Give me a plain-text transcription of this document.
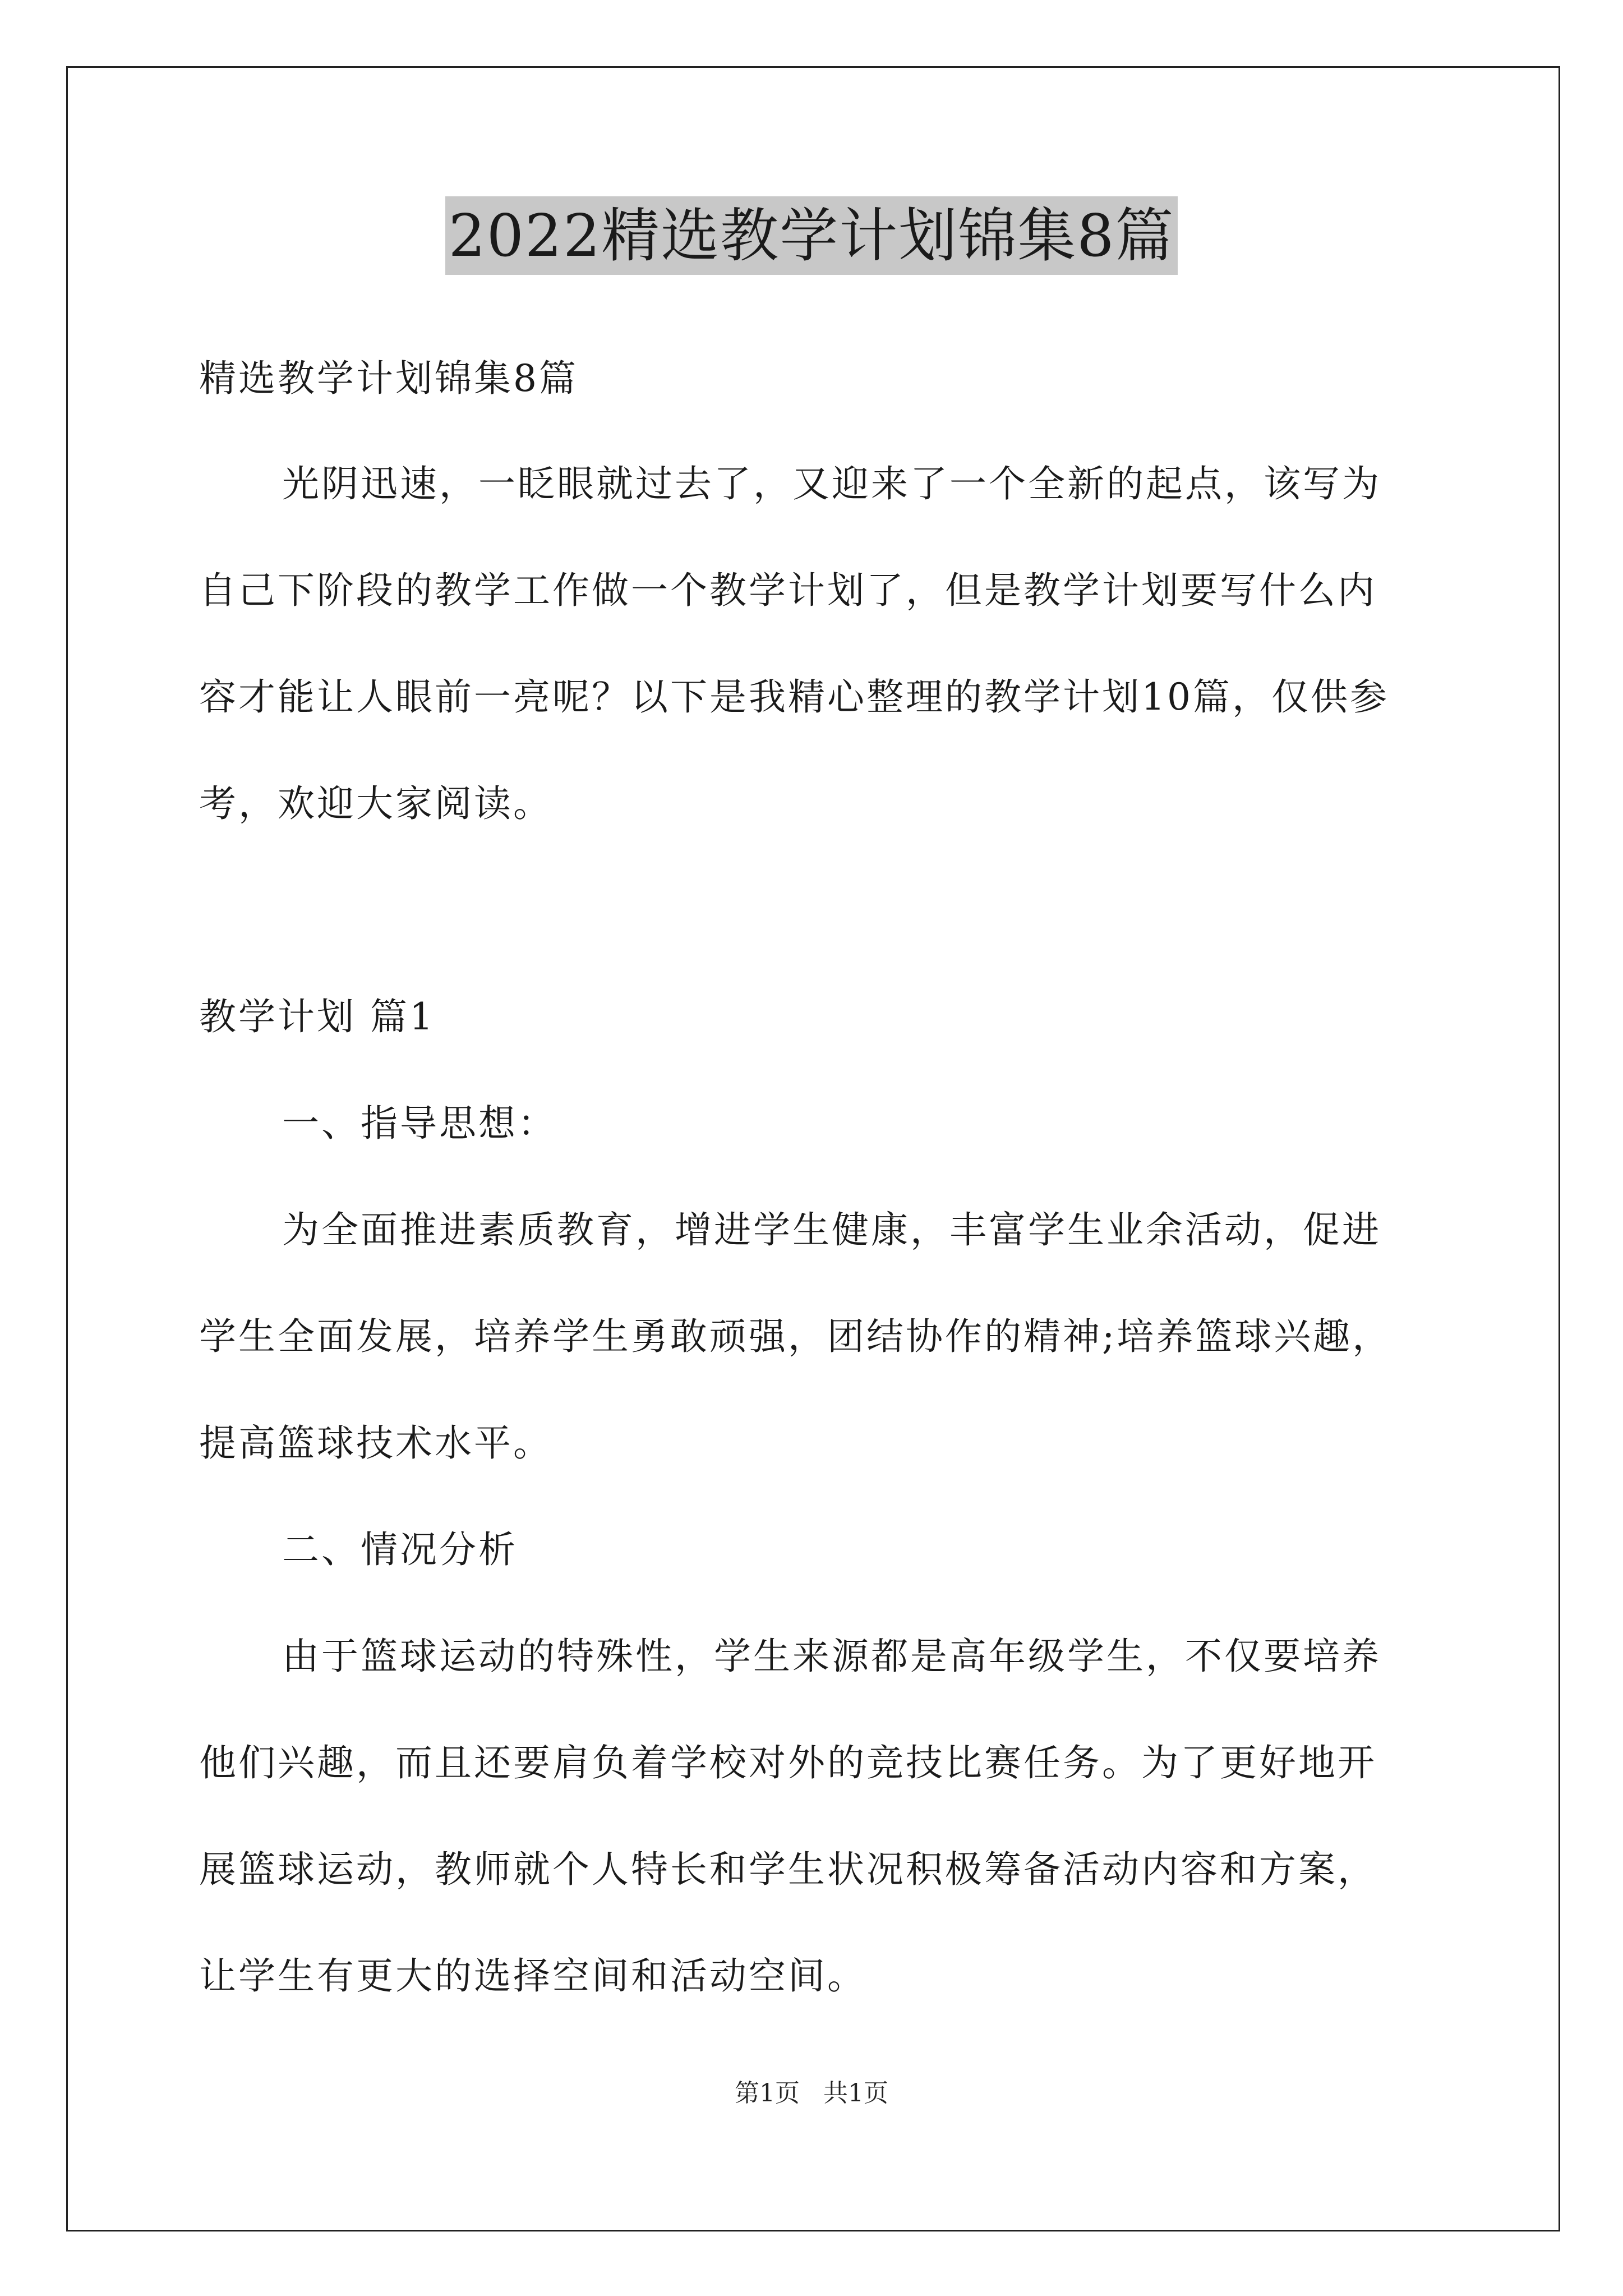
2022精选教学计划锦集8篇
精选教学计划锦集8篇
光阴迅速，一眨眼就过去了，又迎来了一个全新的起点，该写为
自己下阶段的教学工作做一个教学计划了，但是教学计划要写什么内
容才能让人眼前一亮呢？以下是我精心整理的教学计划10篇，仅供参
考，欢迎大家阅读。
教学计划 篇1
一、指导思想：
为全面推进素质教育，增进学生健康，丰富学生业余活动，促进
学生全面发展，培养学生勇敢顽强，团结协作的精神;培养篮球兴趣，
提高篮球技术水平。
二、情况分析
由于篮球运动的特殊性，学生来源都是高年级学生，不仅要培养
他们兴趣，而且还要肩负着学校对外的竞技比赛任务。为了更好地开
展篮球运动，教师就个人特长和学生状况积极筹备活动内容和方案，
让学生有更大的选择空间和活动空间。
第1页 共1页
